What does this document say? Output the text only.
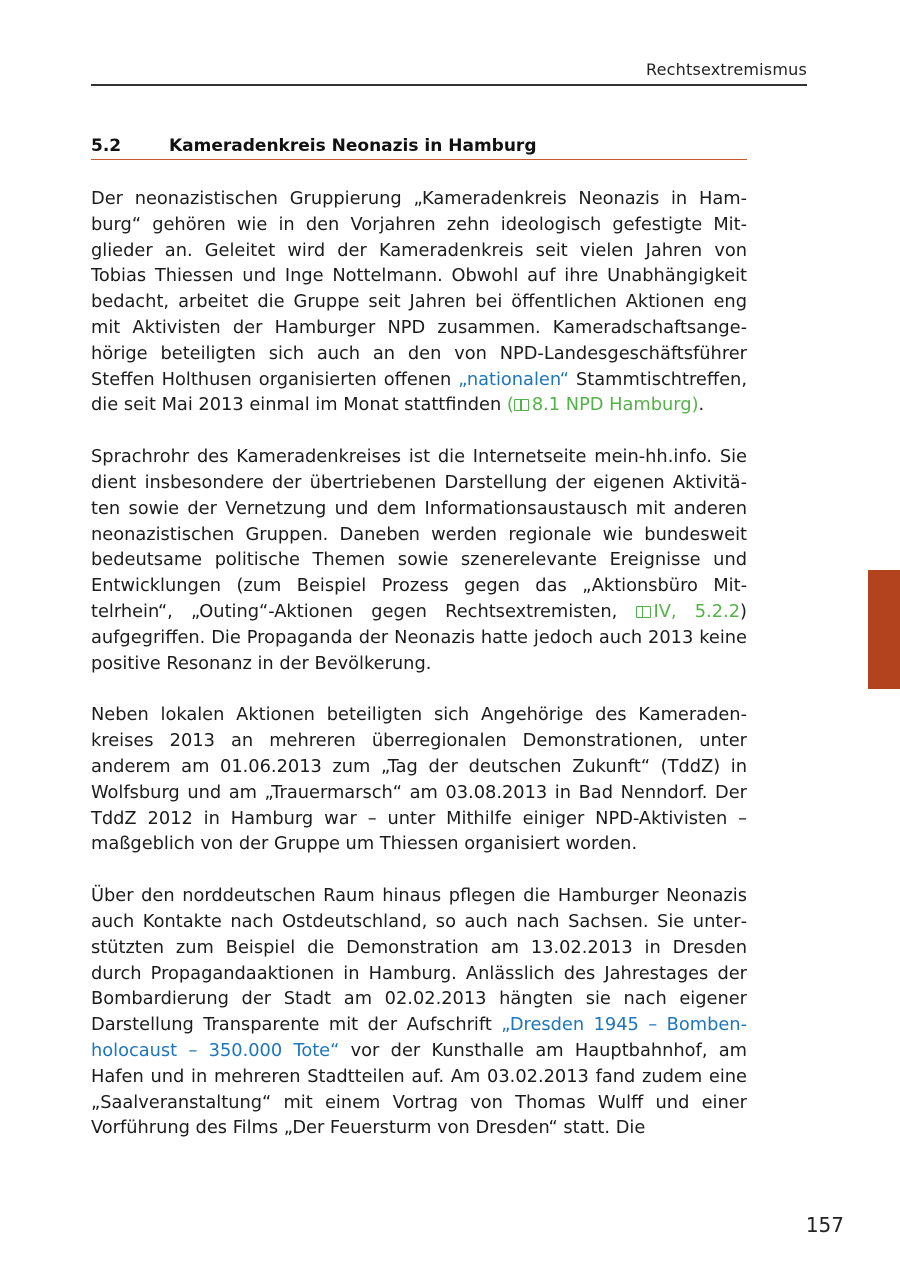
Rechtsextremismus
5.2	Kameradenkreis Neonazis in Hamburg

Der neonazistischen Gruppierung „Kameradenkreis Neonazis in Hamburg“ gehören wie in den Vorjahren zehn ideologisch gefestigte Mitglieder an. Geleitet wird der Kameradenkreis seit vielen Jahren von Tobias Thiessen und Inge Nottelmann. Obwohl auf ihre Unabhängigkeit bedacht, arbeitet die Gruppe seit Jahren bei öffentlichen Aktionen eng mit Aktivisten der Hamburger NPD zusammen. Kameradschaftsangehörige beteiligten sich auch an den von NPD-Landesgeschäftsführer Steffen Holthusen organisierten offenen „nationalen“ Stammtischtreffen, die seit Mai 2013 einmal im Monat stattfinden ( 8.1 NPD Hamburg).

Sprachrohr des Kameradenkreises ist die Internetseite mein-hh.info. Sie dient insbesondere der übertriebenen Darstellung der eigenen Aktivitäten sowie der Vernetzung und dem Informationsaustausch mit anderen neonazistischen Gruppen. Daneben werden regionale wie bundesweit bedeutsame politische Themen sowie szenerelevante Ereignisse und Entwicklungen (zum Beispiel Prozess gegen das „Aktionsbüro Mittelrhein“, „Outing“-Aktionen gegen Rechtsextremisten, IV, 5.2.2) aufgegriffen. Die Propaganda der Neonazis hatte jedoch auch 2013 keine positive Resonanz in der Bevölkerung.

Neben lokalen Aktionen beteiligten sich Angehörige des Kameradenkreises 2013 an mehreren überregionalen Demonstrationen, unter anderem am 01.06.2013 zum „Tag der deutschen Zukunft“ (TddZ) in Wolfsburg und am „Trauermarsch“ am 03.08.2013 in Bad Nenndorf. Der TddZ 2012 in Hamburg war – unter Mithilfe einiger NPD-Aktivisten – maßgeblich von der Gruppe um Thiessen organisiert worden.

Über den norddeutschen Raum hinaus pflegen die Hamburger Neonazis auch Kontakte nach Ostdeutschland, so auch nach Sachsen. Sie unterstützten zum Beispiel die Demonstration am 13.02.2013 in Dresden durch Propagandaaktionen in Hamburg. Anlässlich des Jahrestages der Bombardierung der Stadt am 02.02.2013 hängten sie nach eigener Darstellung Transparente mit der Aufschrift „Dresden 1945 – Bombenholocaust – 350.000 Tote“ vor der Kunsthalle am Hauptbahnhof, am Hafen und in mehreren Stadtteilen auf. Am 03.02.2013 fand zudem eine „Saalveranstaltung“ mit einem Vortrag von Thomas Wulff und einer Vorführung des Films „Der Feuersturm von Dresden“ statt. Die

157
